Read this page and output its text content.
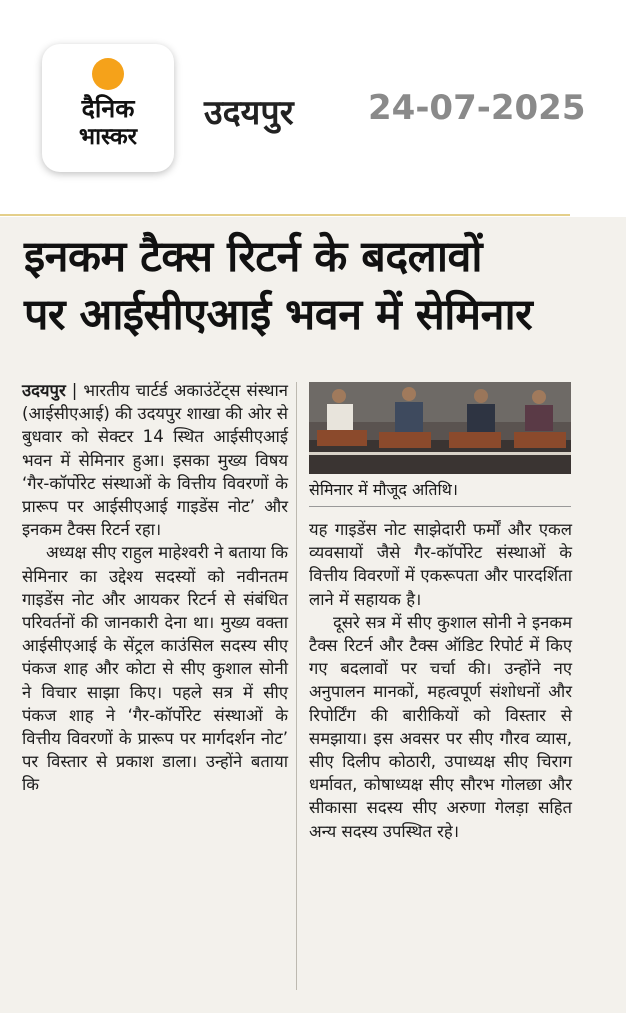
दैनिक
भास्कर
उदयपुर 24-07-2025
इनकम टैक्स रिटर्न के बदलावों
पर आईसीएआई भवन में सेमिनार

उदयपुर | भारतीय चार्टर्ड अकाउंटेंट्स संस्थान (आईसीएआई) की उदयपुर शाखा की ओर से बुधवार को सेक्टर 14 स्थित आईसीएआई भवन में सेमिनार हुआ। इसका मुख्य विषय ‘गैर-कॉर्पोरेट संस्थाओं के वित्तीय विवरणों के प्रारूप पर आईसीएआई गाइडेंस नोट’ और इनकम टैक्स रिटर्न रहा।

अध्यक्ष सीए राहुल माहेश्वरी ने बताया कि सेमिनार का उद्देश्य सदस्यों को नवीनतम गाइडेंस नोट और आयकर रिटर्न से संबंधित परिवर्तनों की जानकारी देना था। मुख्य वक्ता आईसीएआई के सेंट्रल काउंसिल सदस्य सीए पंकज शाह और कोटा से सीए कुशाल सोनी ने विचार साझा किए। पहले सत्र में सीए पंकज शाह ने ‘गैर-कॉर्पोरेट संस्थाओं के वित्तीय विवरणों के प्रारूप पर मार्गदर्शन नोट’ पर विस्तार से प्रकाश डाला। उन्होंने बताया कि

सेमिनार में मौजूद अतिथि।

यह गाइडेंस नोट साझेदारी फर्मों और एकल व्यवसायों जैसे गैर-कॉर्पोरेट संस्थाओं के वित्तीय विवरणों में एकरूपता और पारदर्शिता लाने में सहायक है।

दूसरे सत्र में सीए कुशाल सोनी ने इनकम टैक्स रिटर्न और टैक्स ऑडिट रिपोर्ट में किए गए बदलावों पर चर्चा की। उन्होंने नए अनुपालन मानकों, महत्वपूर्ण संशोधनों और रिपोर्टिंग की बारीकियों को विस्तार से समझाया। इस अवसर पर सीए गौरव व्यास, सीए दिलीप कोठारी, उपाध्यक्ष सीए चिराग धर्मावत, कोषाध्यक्ष सीए सौरभ गोलछा और सीकासा सदस्य सीए अरुणा गेलड़ा सहित अन्य सदस्य उपस्थित रहे।
